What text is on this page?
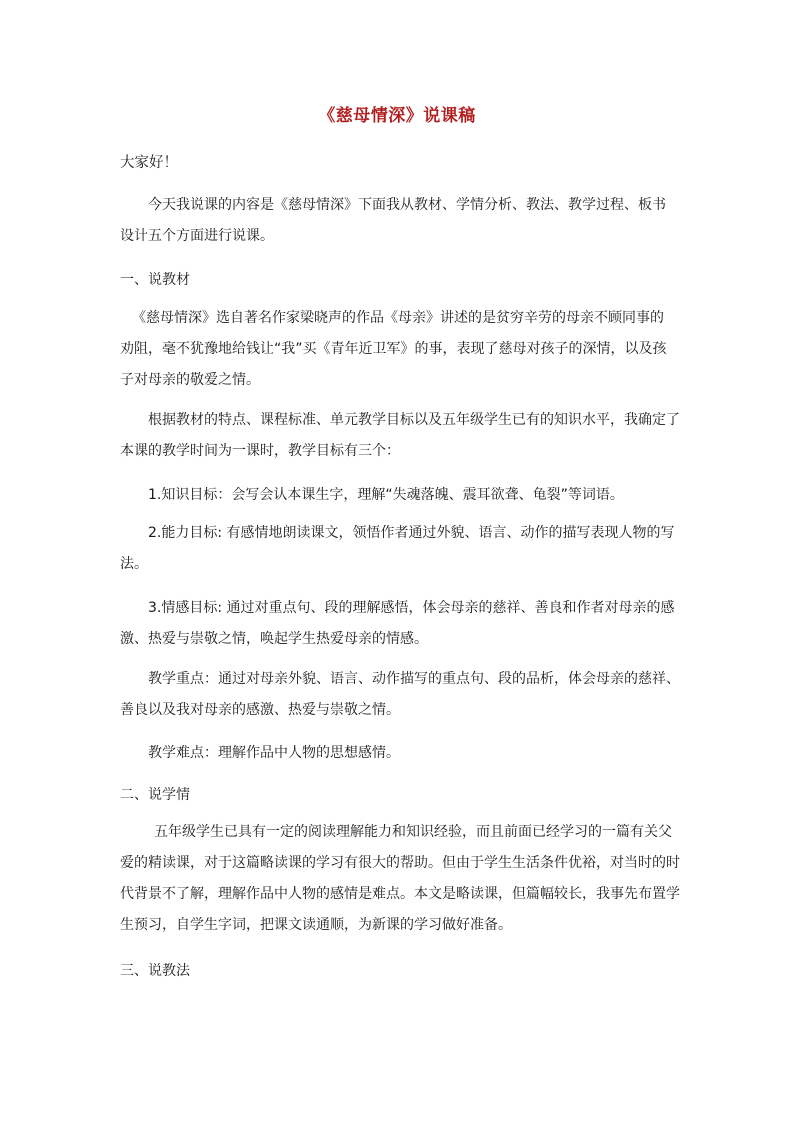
《慈母情深》说课稿
大家好！
今天我说课的内容是《慈母情深》下面我从教材、学情分析、教法、教学过程、板书
设计五个方面进行说课。
一、说教材
《慈母情深》选自著名作家梁晓声的作品《母亲》讲述的是贫穷辛劳的母亲不顾同事的
劝阻，毫不犹豫地给钱让“我”买《青年近卫军》的事，表现了慈母对孩子的深情，以及孩
子对母亲的敬爱之情。
根据教材的特点、课程标准、单元教学目标以及五年级学生已有的知识水平，我确定了
本课的教学时间为一课时，教学目标有三个：
1.知识目标：会写会认本课生字，理解“失魂落魄、震耳欲聋、龟裂”等词语。
2.能力目标: 有感情地朗读课文，领悟作者通过外貌、语言、动作的描写表现人物的写
法。
3.情感目标: 通过对重点句、段的理解感悟，体会母亲的慈祥、善良和作者对母亲的感
激、热爱与崇敬之情，唤起学生热爱母亲的情感。
教学重点：通过对母亲外貌、语言、动作描写的重点句、段的品析，体会母亲的慈祥、
善良以及我对母亲的感激、热爱与崇敬之情。
教学难点：理解作品中人物的思想感情。
二、说学情
五年级学生已具有一定的阅读理解能力和知识经验，而且前面已经学习的一篇有关父
爱的精读课，对于这篇略读课的学习有很大的帮助。但由于学生生活条件优裕，对当时的时
代背景不了解，理解作品中人物的感情是难点。本文是略读课，但篇幅较长，我事先布置学
生预习，自学生字词，把课文读通顺，为新课的学习做好准备。
三、说教法
